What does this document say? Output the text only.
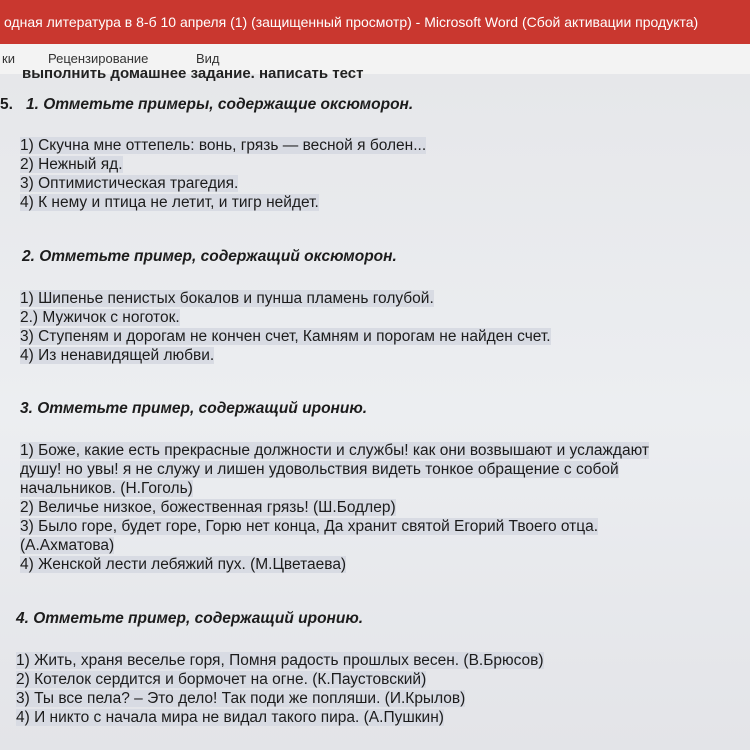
одная литература в 8-б 10 апреля (1) (защищенный просмотр) - Microsoft Word (Сбой активации продукта)
ки	Рецензирование	Вид
выполнить домашнее задание. написать тест
5. 1. Отметьте примеры, содержащие оксюморон.
1) Скучна мне оттепель: вонь, грязь — весной я болен...
2) Нежный яд.
3) Оптимистическая трагедия.
4) К нему и птица не летит, и тигр нейдет.
2. Отметьте пример, содержащий оксюморон.
1) Шипенье пенистых бокалов и пунша пламень голубой.
2.) Мужичок с ноготок.
3) Ступеням и дорогам не кончен счет, Камням и порогам не найден счет.
4) Из ненавидящей любви.
3. Отметьте пример, содержащий иронию.
1) Боже, какие есть прекрасные должности и службы! как они возвышают и услаждают
душу! но увы! я не служу и лишен удовольствия видеть тонкое обращение с собой
начальников. (Н.Гоголь)
2) Величье низкое, божественная грязь! (Ш.Бодлер)
3) Было горе, будет горе, Горю нет конца, Да хранит святой Егорий Твоего отца.
(А.Ахматова)
4) Женской лести лебяжий пух. (М.Цветаева)
4. Отметьте пример, содержащий иронию.
1) Жить, храня веселье горя, Помня радость прошлых весен. (В.Брюсов)
2) Котелок сердится и бормочет на огне. (К.Паустовский)
3) Ты все пела? – Это дело! Так поди же попляши. (И.Крылов)
4) И никто с начала мира не видал такого пира. (А.Пушкин)
